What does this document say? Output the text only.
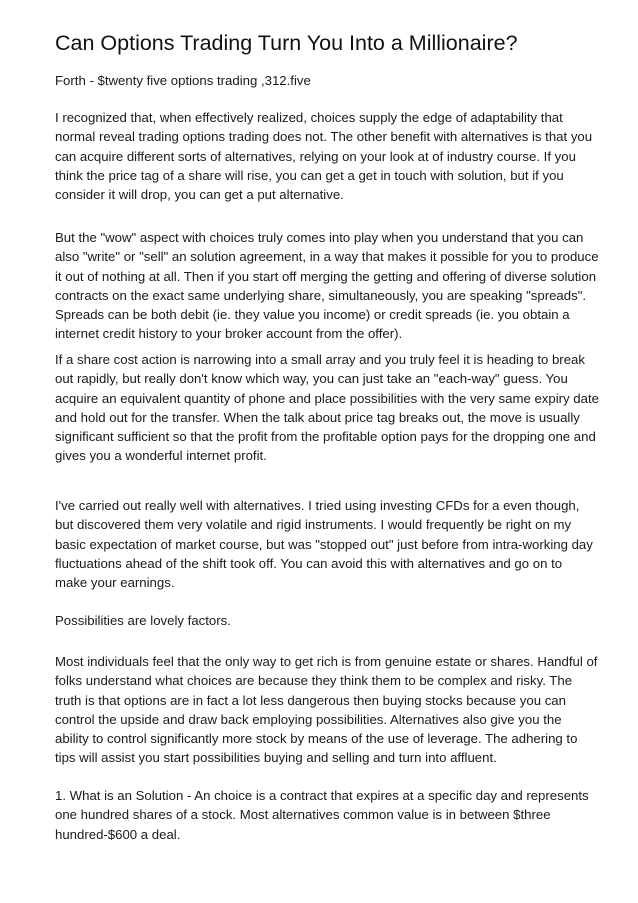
Can Options Trading Turn You Into a Millionaire?

Forth - $twenty five options trading ,312.five

I recognized that, when effectively realized, choices supply the edge of adaptability that
normal reveal trading options trading does not. The other benefit with alternatives is that you
can acquire different sorts of alternatives, relying on your look at of industry course. If you
think the price tag of a share will rise, you can get a get in touch with solution, but if you
consider it will drop, you can get a put alternative.

But the "wow" aspect with choices truly comes into play when you understand that you can
also "write" or "sell" an solution agreement, in a way that makes it possible for you to produce
it out of nothing at all. Then if you start off merging the getting and offering of diverse solution
contracts on the exact same underlying share, simultaneously, you are speaking "spreads".
Spreads can be both debit (ie. they value you income) or credit spreads (ie. you obtain a
internet credit history to your broker account from the offer).

If a share cost action is narrowing into a small array and you truly feel it is heading to break
out rapidly, but really don't know which way, you can just take an "each-way" guess. You
acquire an equivalent quantity of phone and place possibilities with the very same expiry date
and hold out for the transfer. When the talk about price tag breaks out, the move is usually
significant sufficient so that the profit from the profitable option pays for the dropping one and
gives you a wonderful internet profit.

I've carried out really well with alternatives. I tried using investing CFDs for a even though,
but discovered them very volatile and rigid instruments. I would frequently be right on my
basic expectation of market course, but was "stopped out" just before from intra-working day
fluctuations ahead of the shift took off. You can avoid this with alternatives and go on to
make your earnings.

Possibilities are lovely factors.

Most individuals feel that the only way to get rich is from genuine estate or shares. Handful of
folks understand what choices are because they think them to be complex and risky. The
truth is that options are in fact a lot less dangerous then buying stocks because you can
control the upside and draw back employing possibilities. Alternatives also give you the
ability to control significantly more stock by means of the use of leverage. The adhering to
tips will assist you start possibilities buying and selling and turn into affluent.

1. What is an Solution - An choice is a contract that expires at a specific day and represents
one hundred shares of a stock. Most alternatives common value is in between $three
hundred-$600 a deal.
